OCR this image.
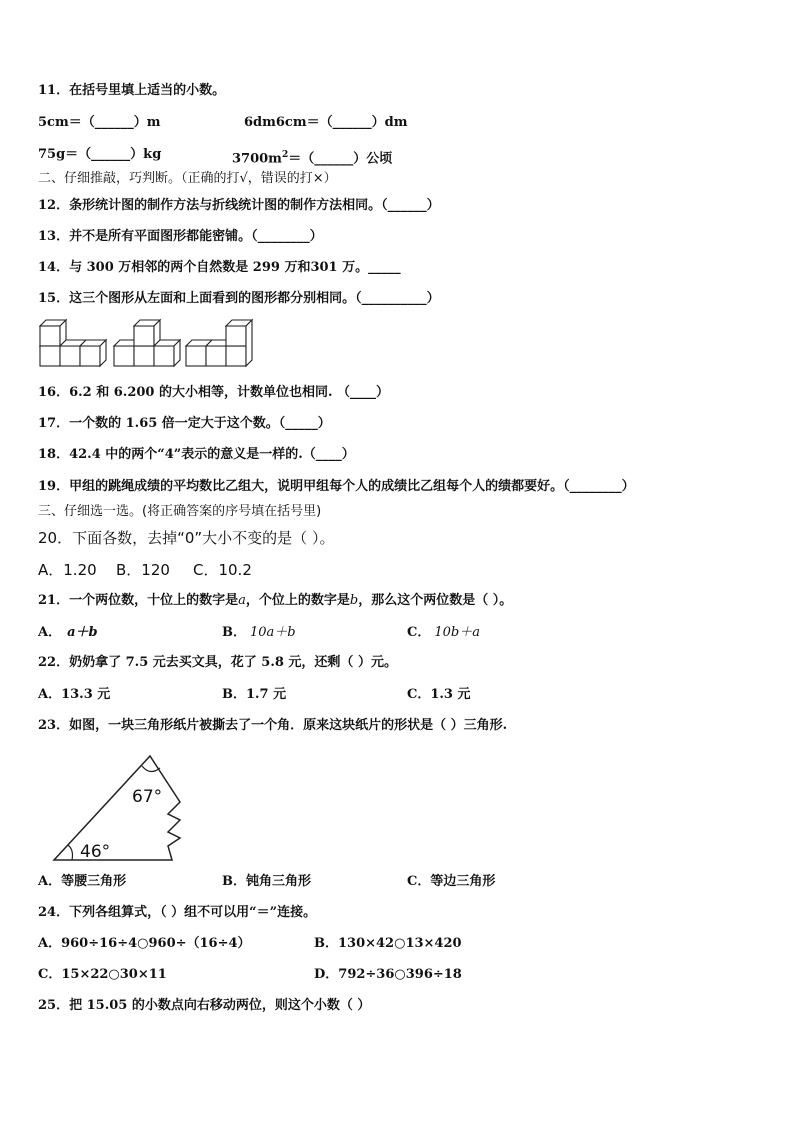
11．在括号里填上适当的小数。
5cm＝（______）m	6dm6cm＝（______）dm
75g＝（______）kg	$3700m^2=(\_\_\_\_\_\_)$公顷
二、仔细推敲，巧判断。（正确的打√，错误的打×）
12．条形统计图的制作方法与折线统计图的制作方法相同。（______）
13．并不是所有平面图形都能密铺。（________）
14．与 300 万相邻的两个自然数是 299 万和301 万。_____
15．这三个图形从左面和上面看到的图形都分别相同。（__________）
16．6.2 和 6.200 的大小相等，计数单位也相同. （____）
17．一个数的 1.65 倍一定大于这个数。（_____）
18．42.4 中的两个“4”表示的意义是一样的.（____）
19．甲组的跳绳成绩的平均数比乙组大，说明甲组每个人的成绩比乙组每个人的绩都要好。（________）
三、仔细选一选。(将正确答案的序号填在括号里)
20．下面各数，去掉“0”大小不变的是（ ）。
A．1.20 B．120 C．10.2
21．一个两位数，十位上的数字是a，个位上的数字是b，那么这个两位数是（ ）。
A． a＋b	B． 10a＋b	C． 10b＋a
22．奶奶拿了 7.5 元去买文具，花了 5.8 元，还剩（ ）元。
A．13.3 元	B．1.7 元	C．1.3 元
23．如图，一块三角形纸片被撕去了一个角．原来这块纸片的形状是（ ）三角形.
67°
46°
A．等腰三角形	B．钝角三角形	C．等边三角形
24．下列各组算式，（ ）组不可以用“＝”连接。
A．960÷16÷4○960÷（16÷4）	B．130×42○13×420
C．15×22○30×11	D．792÷36○396÷18
25．把 15.05 的小数点向右移动两位，则这个小数（ ）
